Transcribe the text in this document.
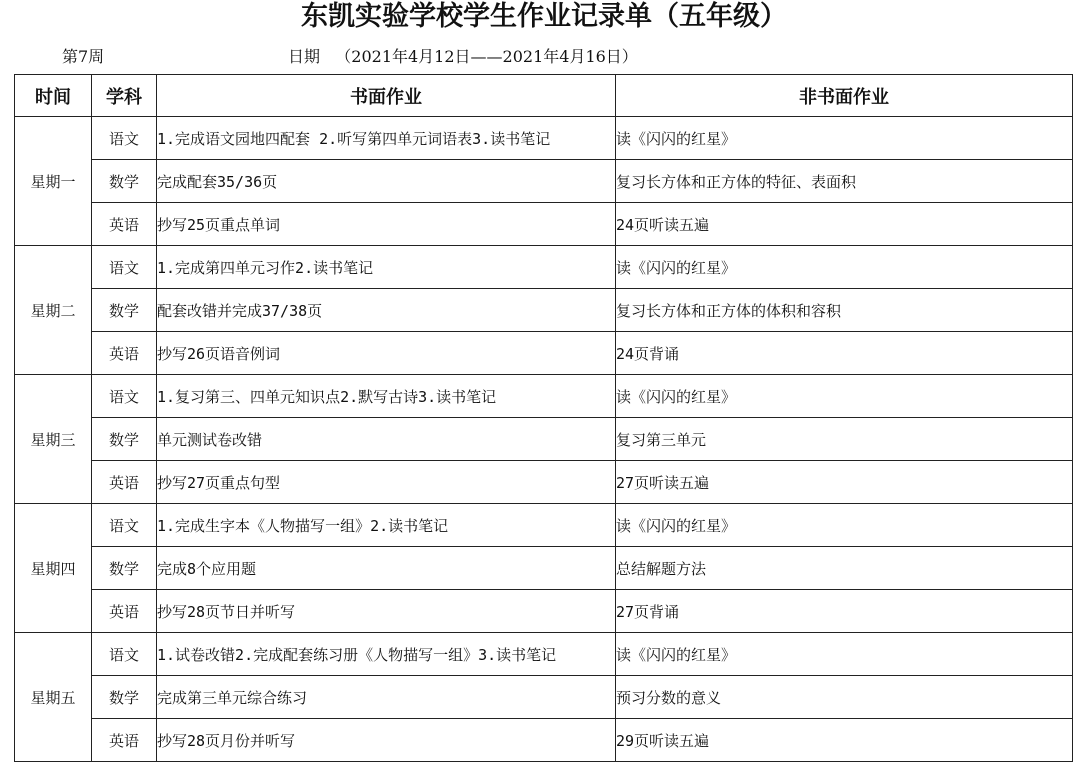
东凯实验学校学生作业记录单（五年级）
第7周	日期 （2021年4月12日——2021年4月16日）
时间	学科	书面作业	非书面作业
星期一	语文	1.完成语文园地四配套 2.听写第四单元词语表3.读书笔记	读《闪闪的红星》
	数学	完成配套35/36页	复习长方体和正方体的特征、表面积
	英语	抄写25页重点单词	24页听读五遍
星期二	语文	1.完成第四单元习作2.读书笔记	读《闪闪的红星》
	数学	配套改错并完成37/38页	复习长方体和正方体的体积和容积
	英语	抄写26页语音例词	24页背诵
星期三	语文	1.复习第三、四单元知识点2.默写古诗3.读书笔记	读《闪闪的红星》
	数学	单元测试卷改错	复习第三单元
	英语	抄写27页重点句型	27页听读五遍
星期四	语文	1.完成生字本《人物描写一组》2.读书笔记	读《闪闪的红星》
	数学	完成8个应用题	总结解题方法
	英语	抄写28页节日并听写	27页背诵
星期五	语文	1.试卷改错2.完成配套练习册《人物描写一组》3.读书笔记	读《闪闪的红星》
	数学	完成第三单元综合练习	预习分数的意义
	英语	抄写28页月份并听写	29页听读五遍
